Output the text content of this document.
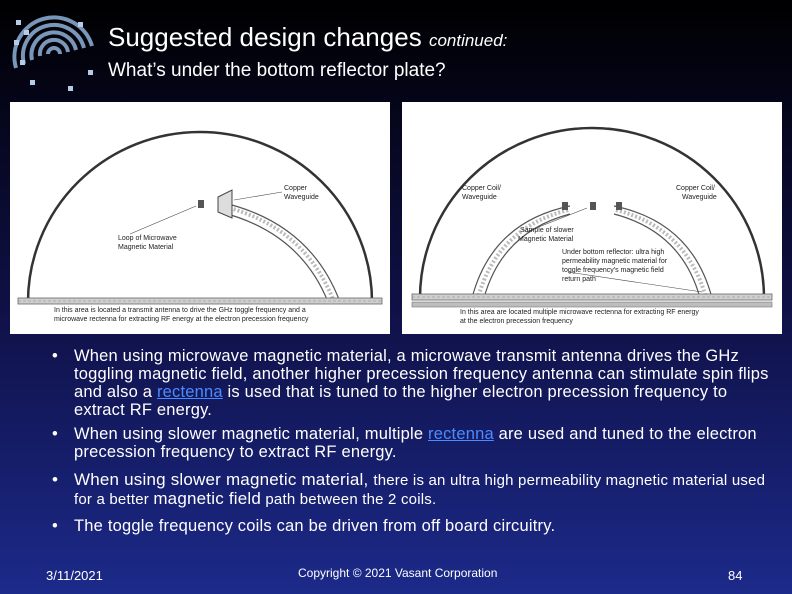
Suggested design changes continued:
What’s under the bottom reflector plate?
Copper
Waveguide
Loop of Microwave
Magnetic Material
In this area is located a transmit antenna to drive the GHz toggle frequency and a
microwave rectenna for extracting RF energy at the electron precession frequency
Copper Coil/
Waveguide
Copper Coil/
Waveguide
Sample of slower
Magnetic Material
Under bottom reflector: ultra high
permeability magnetic material for
toggle frequency's magnetic field
return path
In this area are located multiple microwave rectenna for extracting RF energy
at the electron precession frequency
• When using microwave magnetic material, a microwave transmit antenna drives the GHz toggling magnetic field, another higher precession frequency antenna can stimulate spin flips and also a rectenna is used that is tuned to the higher electron precession frequency to extract RF energy.
• When using slower magnetic material, multiple rectenna are used and tuned to the electron precession frequency to extract RF energy.
• When using slower magnetic material, there is an ultra high permeability magnetic material used for a better magnetic field path between the 2 coils.
• The toggle frequency coils can be driven from off board circuitry.
3/11/2021	Copyright © 2021 Vasant Corporation	84
